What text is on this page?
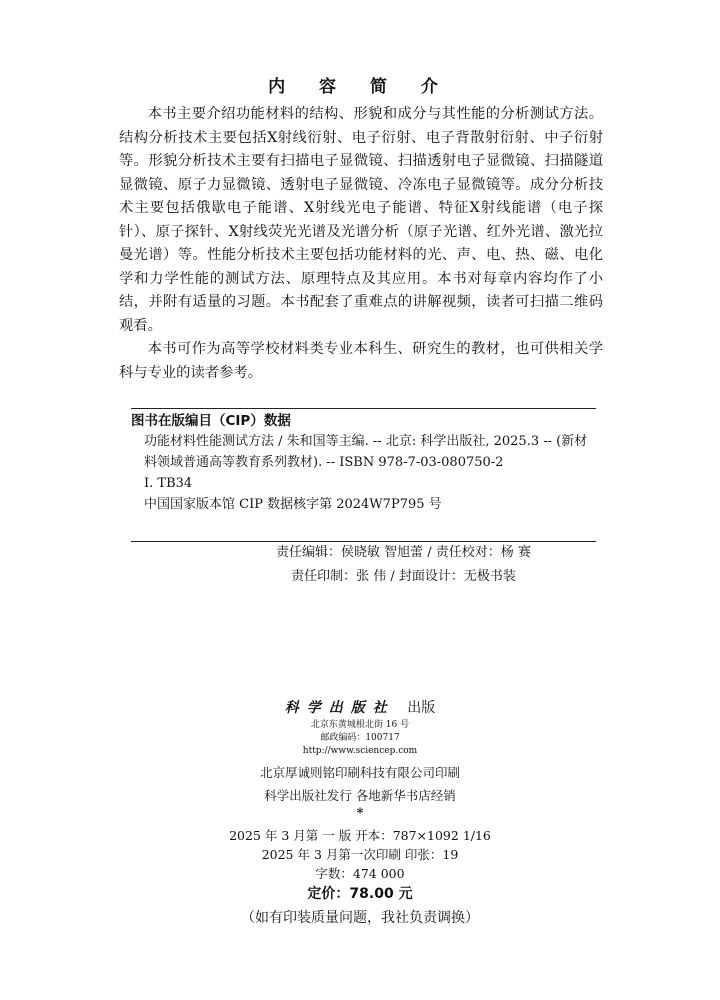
内 容 简 介

本书主要介绍功能材料的结构、形貌和成分与其性能的分析测试方法。结构分析技术主要包括X射线衍射、电子衍射、电子背散射衍射、中子衍射等。形貌分析技术主要有扫描电子显微镜、扫描透射电子显微镜、扫描隧道显微镜、原子力显微镜、透射电子显微镜、冷冻电子显微镜等。成分分析技术主要包括俄歇电子能谱、X射线光电子能谱、特征X射线能谱（电子探针）、原子探针、X射线荧光光谱及光谱分析（原子光谱、红外光谱、激光拉曼光谱）等。性能分析技术主要包括功能材料的光、声、电、热、磁、电化学和力学性能的测试方法、原理特点及其应用。本书对每章内容均作了小结，并附有适量的习题。本书配套了重难点的讲解视频，读者可扫描二维码观看。

本书可作为高等学校材料类专业本科生、研究生的教材，也可供相关学科与专业的读者参考。

图书在版编目（CIP）数据
功能材料性能测试方法 / 朱和国等主编. -- 北京: 科学出版社, 2025.3 -- (新材料领域普通高等教育系列教材). -- ISBN 978-7-03-080750-2
Ⅰ. TB34
中国国家版本馆 CIP 数据核字第 2024W7P795 号
责任编辑：侯晓敏 智旭蕾 / 责任校对：杨 赛
责任印制：张 伟 / 封面设计：无极书装
科学出版社 出版
北京东黄城根北街 16 号
邮政编码：100717
http://www.sciencep.com
北京厚诚则铭印刷科技有限公司印刷
科学出版社发行 各地新华书店经销
*
2025 年 3 月第 一 版 开本：787×1092 1/16
2025 年 3 月第一次印刷 印张：19
字数：474 000
定价：78.00 元
（如有印装质量问题，我社负责调换）
